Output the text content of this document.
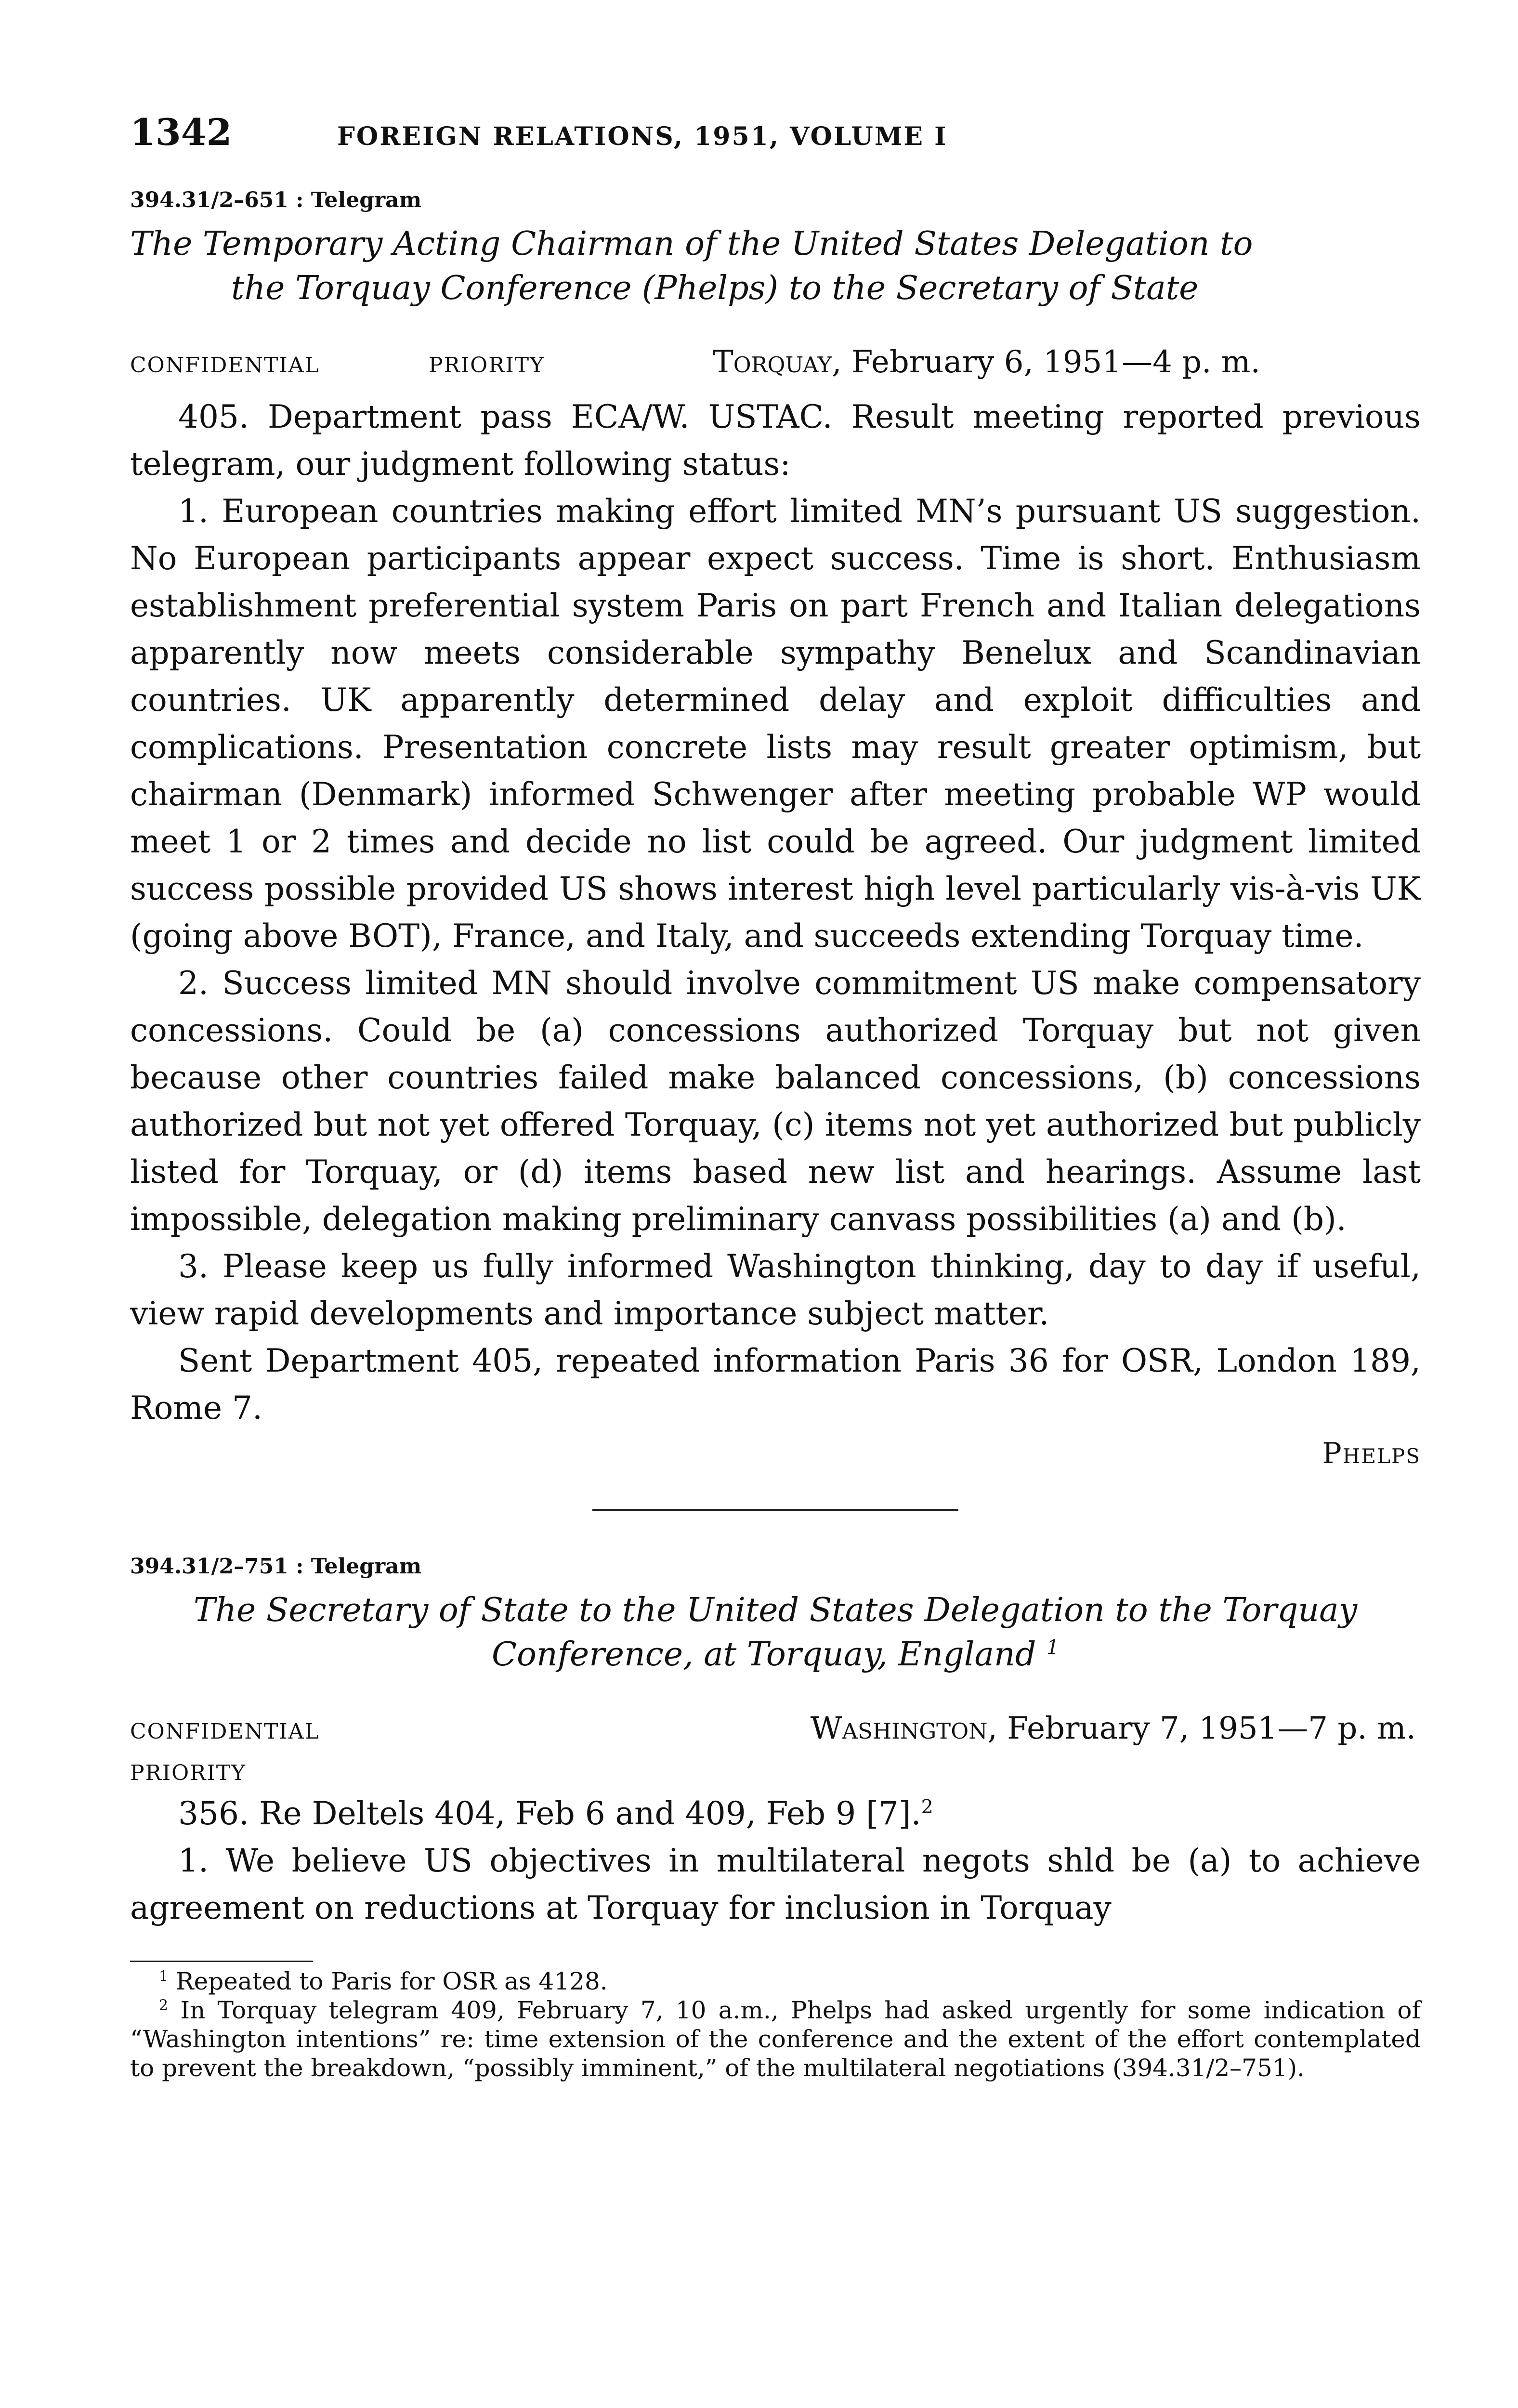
1342	FOREIGN RELATIONS, 1951, VOLUME I
394.31/2–651 : Telegram
The Temporary Acting Chairman of the United States Delegation to
the Torquay Conference (Phelps) to the Secretary of State
CONFIDENTIAL	PRIORITY	Torquay, February 6, 1951—4 p. m.

405. Department pass ECA/W. USTAC. Result meeting reported previous telegram, our judgment following status:

1. European countries making effort limited MN’s pursuant US suggestion. No European participants appear expect success. Time is short. Enthusiasm establishment preferential system Paris on part French and Italian delegations apparently now meets considerable sympathy Benelux and Scandinavian countries. UK apparently determined delay and exploit difficulties and complications. Presentation concrete lists may result greater optimism, but chairman (Denmark) informed Schwenger after meeting probable WP would meet 1 or 2 times and decide no list could be agreed. Our judgment limited success possible provided US shows interest high level particularly vis-à-vis UK (going above BOT), France, and Italy, and succeeds extending Torquay time.

2. Success limited MN should involve commitment US make compensatory concessions. Could be (a) concessions authorized Torquay but not given because other countries failed make balanced concessions, (b) concessions authorized but not yet offered Torquay, (c) items not yet authorized but publicly listed for Torquay, or (d) items based new list and hearings. Assume last impossible, delegation making preliminary canvass possibilities (a) and (b).

3. Please keep us fully informed Washington thinking, day to day if useful, view rapid developments and importance subject matter.

Sent Department 405, repeated information Paris 36 for OSR, London 189, Rome 7.

Phelps
394.31/2–751 : Telegram
The Secretary of State to the United States Delegation to the Torquay
Conference, at Torquay, England $^1$
CONFIDENTIAL	Washington, February 7, 1951—7 p. m.
PRIORITY

356. Re Deltels 404, Feb 6 and 409, Feb 9 [7].$^2$

1. We believe US objectives in multilateral negots shld be (a) to achieve agreement on reductions at Torquay for inclusion in Torquay

$^1$ Repeated to Paris for OSR as 4128.

$^2$ In Torquay telegram 409, February 7, 10 a.m., Phelps had asked urgently for some indication of “Washington intentions” re: time extension of the conference and the extent of the effort contemplated to prevent the breakdown, “possibly imminent,” of the multilateral negotiations (394.31/2–751).
